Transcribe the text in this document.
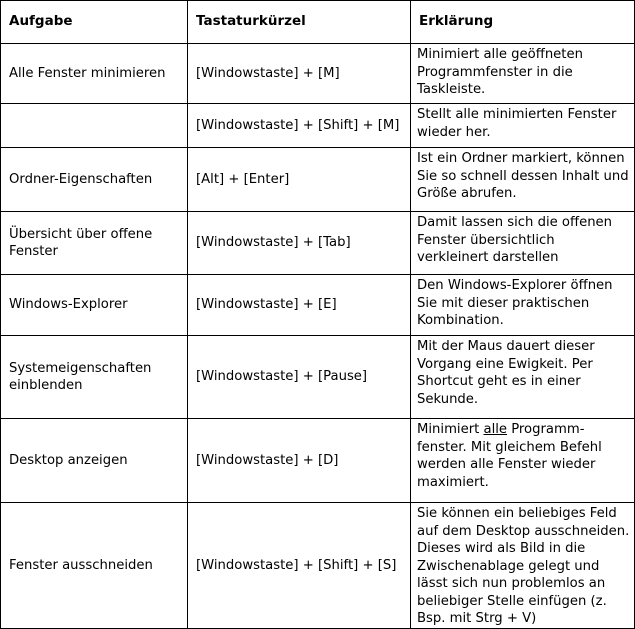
Aufgabe	Tastaturkürzel	Erklärung
Alle Fenster minimieren	[Windowstaste] + [M]	Minimiert alle geöffneten Programmfenster in die Taskleiste.
	[Windowstaste] + [Shift] + [M]	Stellt alle minimierten Fenster wieder her.
Ordner-Eigenschaften	[Alt] + [Enter]	Ist ein Ordner markiert, können Sie so schnell dessen Inhalt und Größe abrufen.
Übersicht über offene Fenster	[Windowstaste] + [Tab]	Damit lassen sich die offenen Fenster übersichtlich verkleinert darstellen
Windows-Explorer	[Windowstaste] + [E]	Den Windows-Explorer öffnen Sie mit dieser praktischen Kombination.
Systemeigenschaften einblenden	[Windowstaste] + [Pause]	Mit der Maus dauert dieser Vorgang eine Ewigkeit. Per Shortcut geht es in einer Sekunde.
Desktop anzeigen	[Windowstaste] + [D]	Minimiert alle Programm-fenster. Mit gleichem Befehl werden alle Fenster wieder maximiert.
Fenster ausschneiden	[Windowstaste] + [Shift] + [S]	Sie können ein beliebiges Feld auf dem Desktop ausschneiden. Dieses wird als Bild in die Zwischenablage gelegt und lässt sich nun problemlos an beliebiger Stelle einfügen (z. Bsp. mit Strg + V)
